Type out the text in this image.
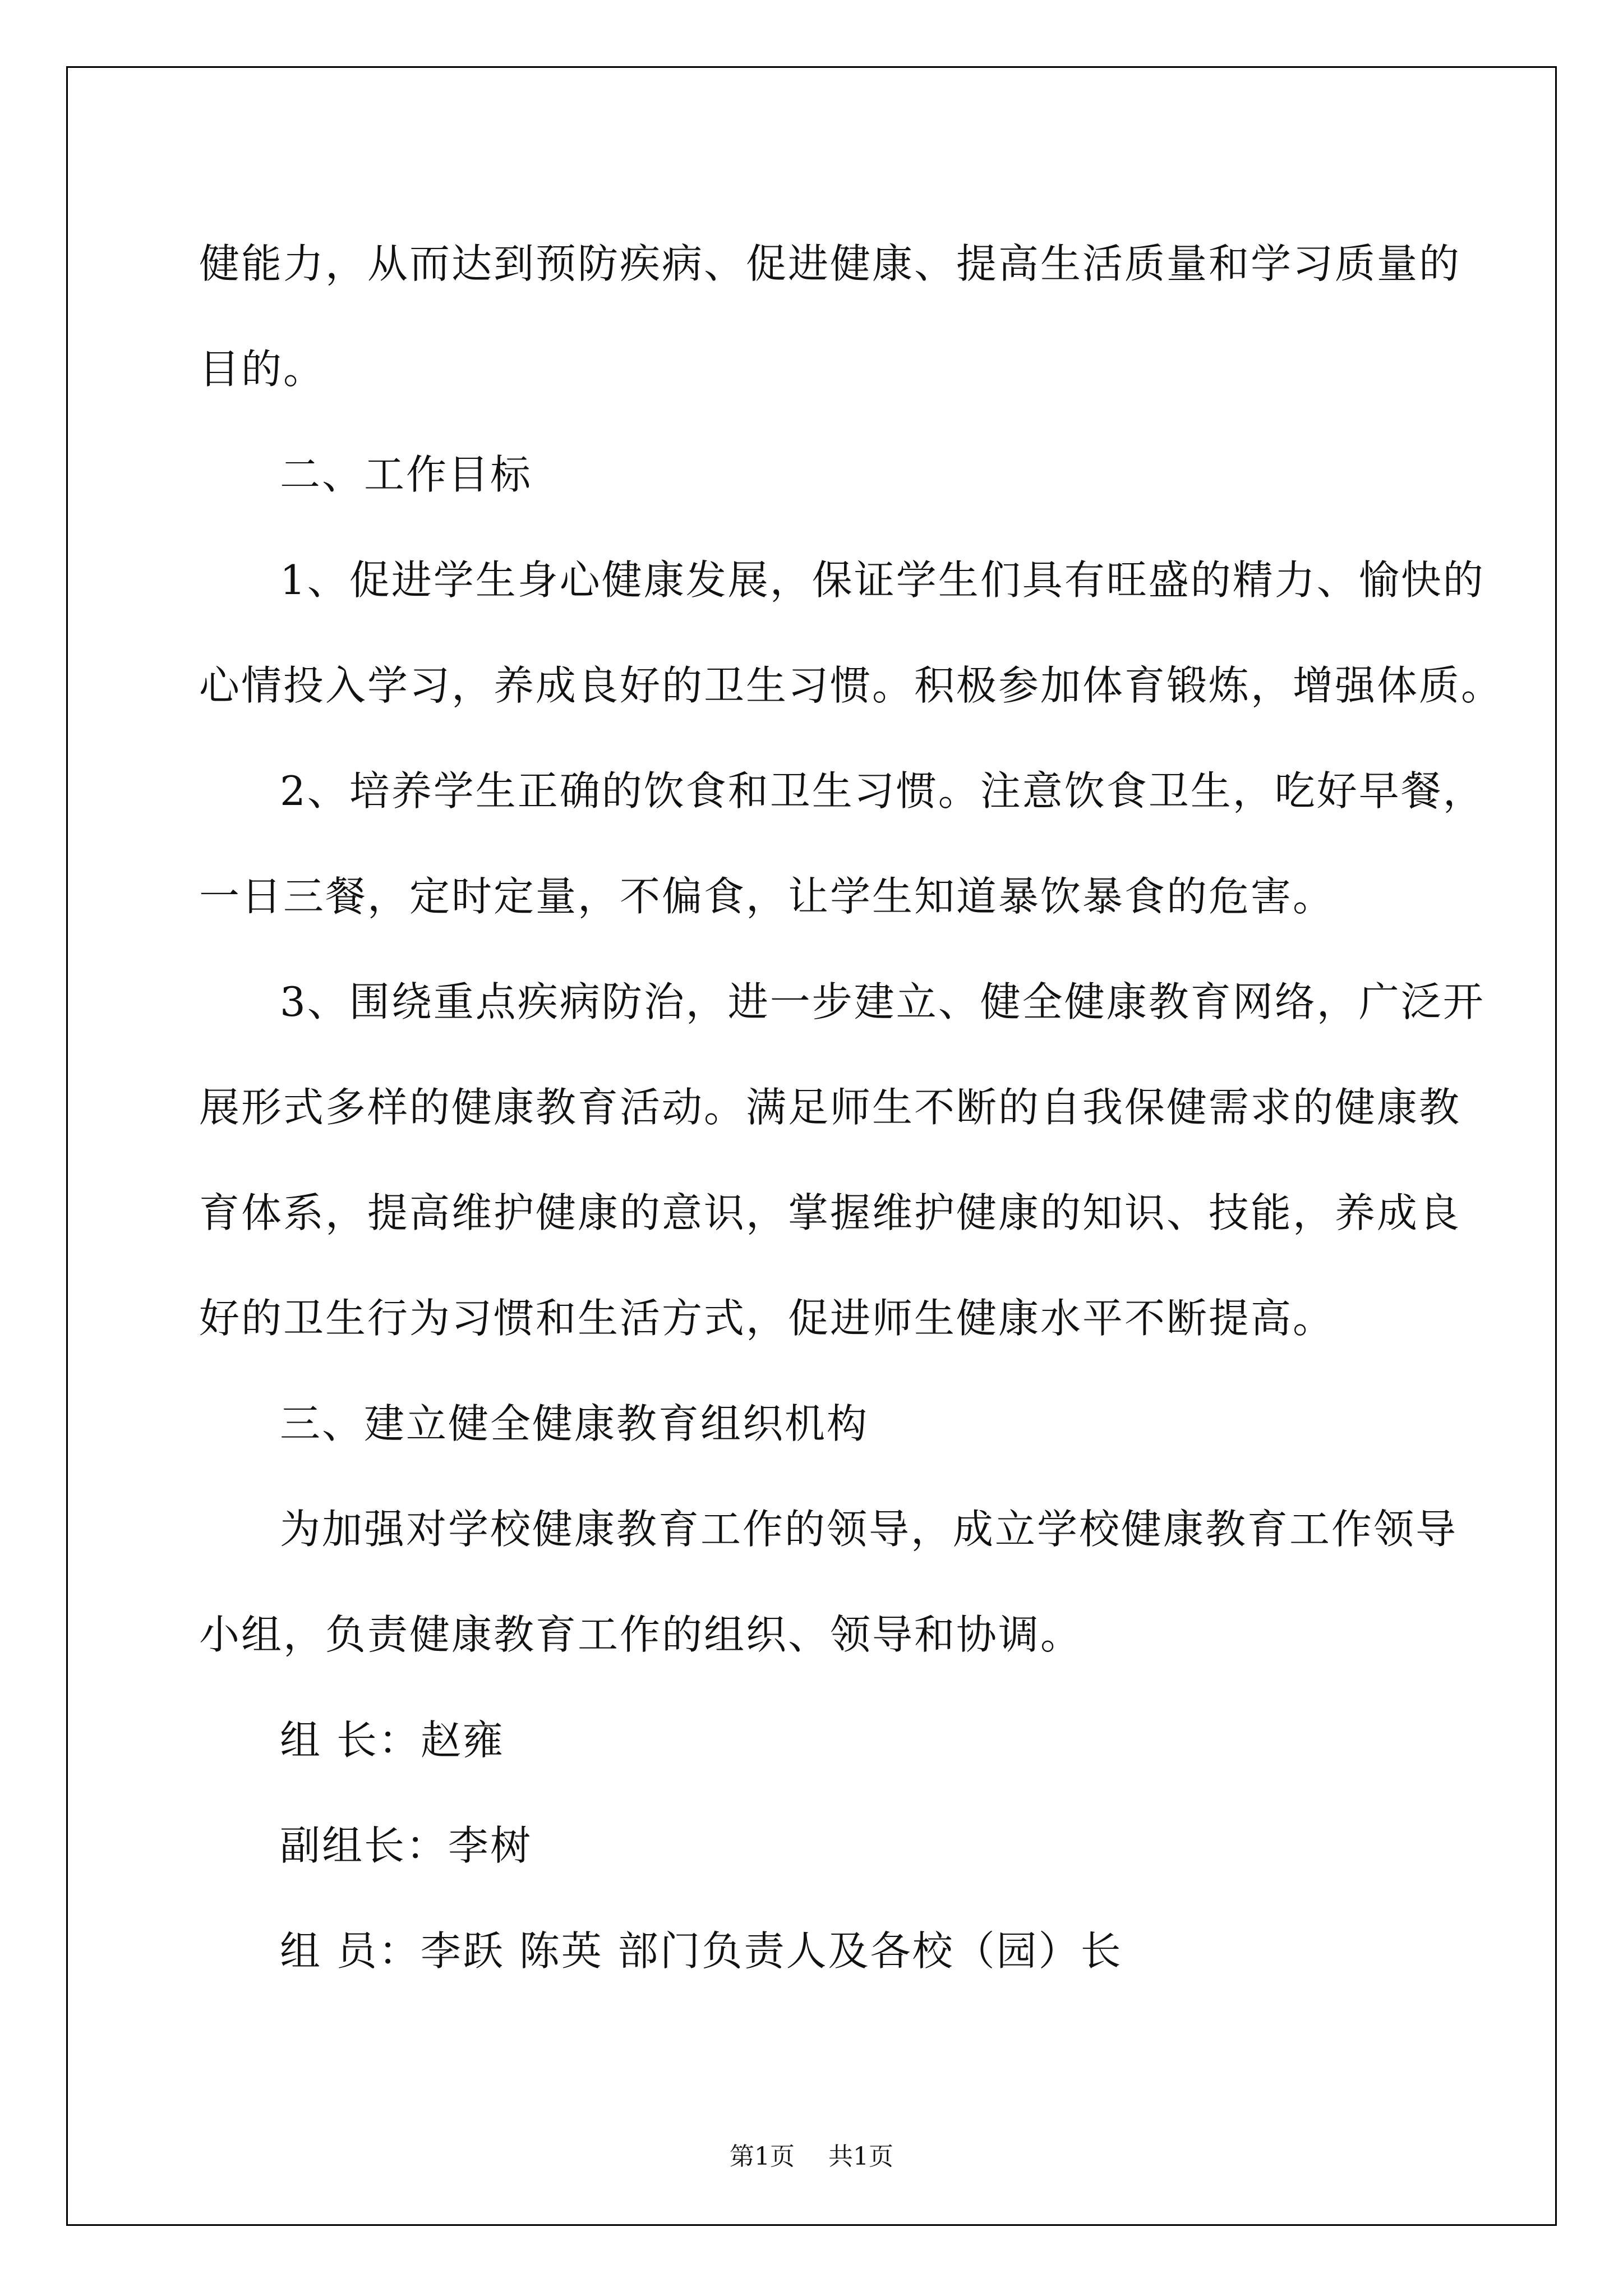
健能力，从而达到预防疾病、促进健康、提高生活质量和学习质量的
目的。
二、工作目标
1、促进学生身心健康发展，保证学生们具有旺盛的精力、愉快的
心情投入学习，养成良好的卫生习惯。积极参加体育锻炼，增强体质。
2、培养学生正确的饮食和卫生习惯。注意饮食卫生，吃好早餐，
一日三餐，定时定量，不偏食，让学生知道暴饮暴食的危害。
3、围绕重点疾病防治，进一步建立、健全健康教育网络，广泛开
展形式多样的健康教育活动。满足师生不断的自我保健需求的健康教
育体系，提高维护健康的意识，掌握维护健康的知识、技能，养成良
好的卫生行为习惯和生活方式，促进师生健康水平不断提高。
三、建立健全健康教育组织机构
为加强对学校健康教育工作的领导，成立学校健康教育工作领导
小组，负责健康教育工作的组织、领导和协调。
组 长：赵雍
副组长：李树
组 员：李跃 陈英 部门负责人及各校（园）长
第1页 共1页
